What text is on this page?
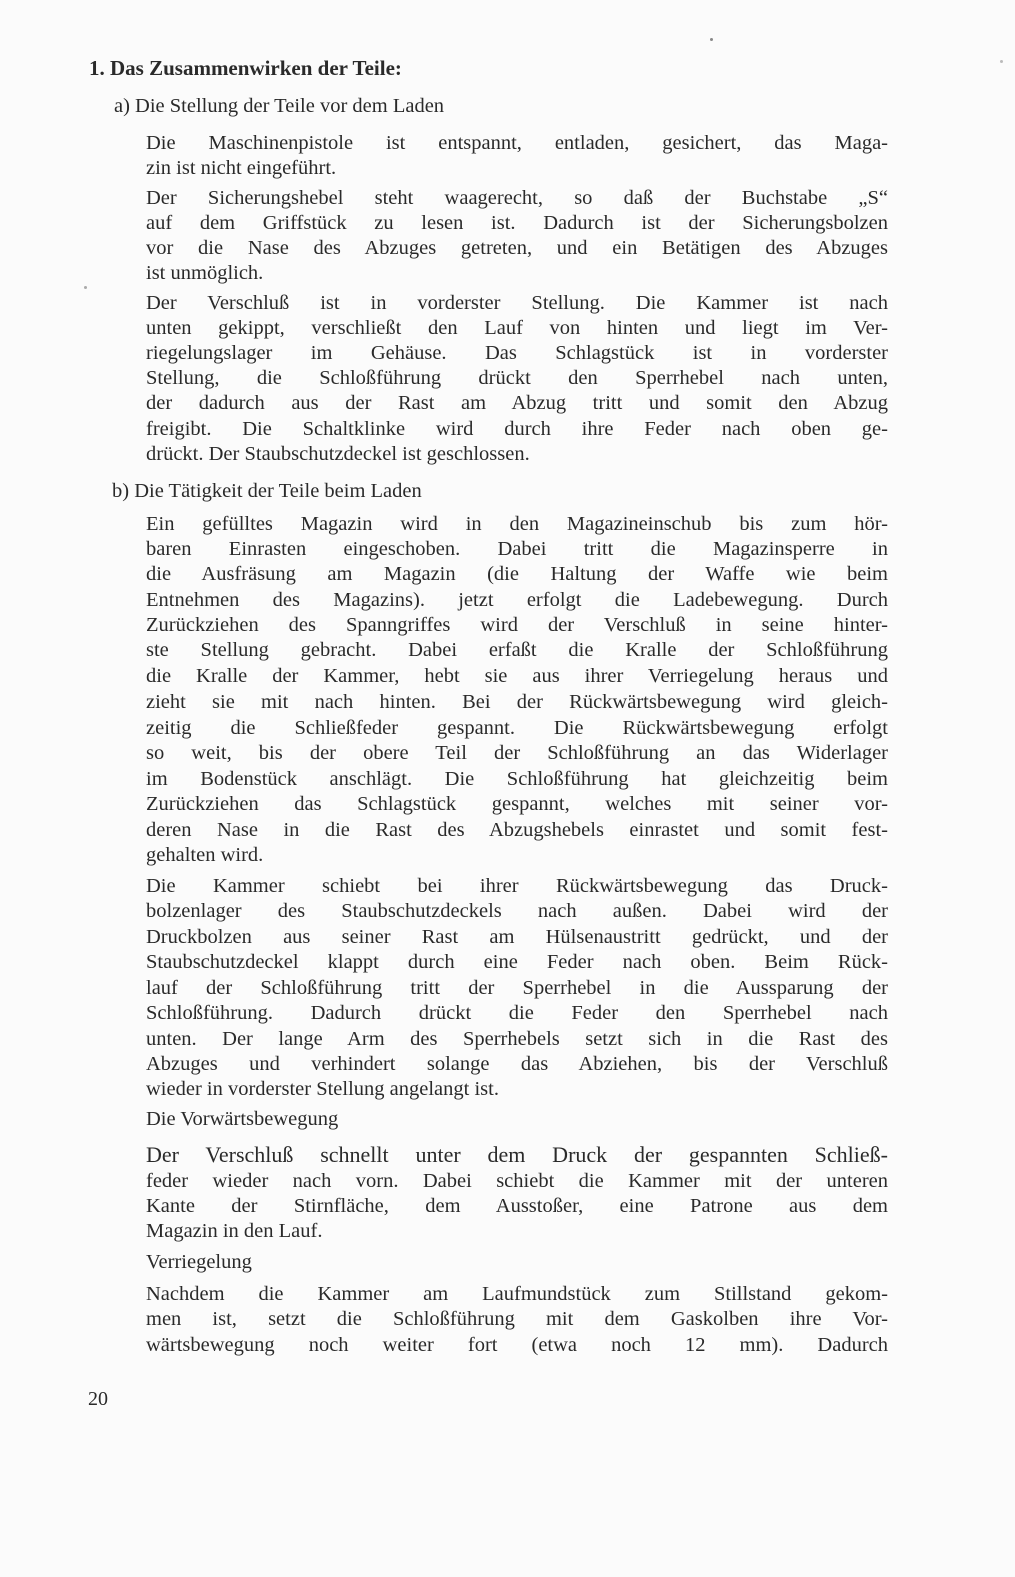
1. Das Zusammenwirken der Teile:
a) Die Stellung der Teile vor dem Laden
Die Maschinenpistole ist entspannt, entladen, gesichert, das Maga-
zin ist nicht eingeführt.
Der Sicherungshebel steht waagerecht, so daß der Buchstabe „S“
auf dem Griffstück zu lesen ist. Dadurch ist der Sicherungsbolzen
vor die Nase des Abzuges getreten, und ein Betätigen des Abzuges
ist unmöglich.
Der Verschluß ist in vorderster Stellung. Die Kammer ist nach
unten gekippt, verschließt den Lauf von hinten und liegt im Ver-
riegelungslager im Gehäuse. Das Schlagstück ist in vorderster
Stellung, die Schloßführung drückt den Sperrhebel nach unten,
der dadurch aus der Rast am Abzug tritt und somit den Abzug
freigibt. Die Schaltklinke wird durch ihre Feder nach oben ge-
drückt. Der Staubschutzdeckel ist geschlossen.
b) Die Tätigkeit der Teile beim Laden
Ein gefülltes Magazin wird in den Magazineinschub bis zum hör-
baren Einrasten eingeschoben. Dabei tritt die Magazinsperre in
die Ausfräsung am Magazin (die Haltung der Waffe wie beim
Entnehmen des Magazins). jetzt erfolgt die Ladebewegung. Durch
Zurückziehen des Spanngriffes wird der Verschluß in seine hinter-
ste Stellung gebracht. Dabei erfaßt die Kralle der Schloßführung
die Kralle der Kammer, hebt sie aus ihrer Verriegelung heraus und
zieht sie mit nach hinten. Bei der Rückwärtsbewegung wird gleich-
zeitig die Schließfeder gespannt. Die Rückwärtsbewegung erfolgt
so weit, bis der obere Teil der Schloßführung an das Widerlager
im Bodenstück anschlägt. Die Schloßführung hat gleichzeitig beim
Zurückziehen das Schlagstück gespannt, welches mit seiner vor-
deren Nase in die Rast des Abzugshebels einrastet und somit fest-
gehalten wird.
Die Kammer schiebt bei ihrer Rückwärtsbewegung das Druck-
bolzenlager des Staubschutzdeckels nach außen. Dabei wird der
Druckbolzen aus seiner Rast am Hülsenaustritt gedrückt, und der
Staubschutzdeckel klappt durch eine Feder nach oben. Beim Rück-
lauf der Schloßführung tritt der Sperrhebel in die Aussparung der
Schloßführung. Dadurch drückt die Feder den Sperrhebel nach
unten. Der lange Arm des Sperrhebels setzt sich in die Rast des
Abzuges und verhindert solange das Abziehen, bis der Verschluß
wieder in vorderster Stellung angelangt ist.
Die Vorwärtsbewegung
Der Verschluß schnellt unter dem Druck der gespannten Schließ-
feder wieder nach vorn. Dabei schiebt die Kammer mit der unteren
Kante der Stirnfläche, dem Ausstoßer, eine Patrone aus dem
Magazin in den Lauf.
Verriegelung
Nachdem die Kammer am Laufmundstück zum Stillstand gekom-
men ist, setzt die Schloßführung mit dem Gaskolben ihre Vor-
wärtsbewegung noch weiter fort (etwa noch 12 mm). Dadurch
20
